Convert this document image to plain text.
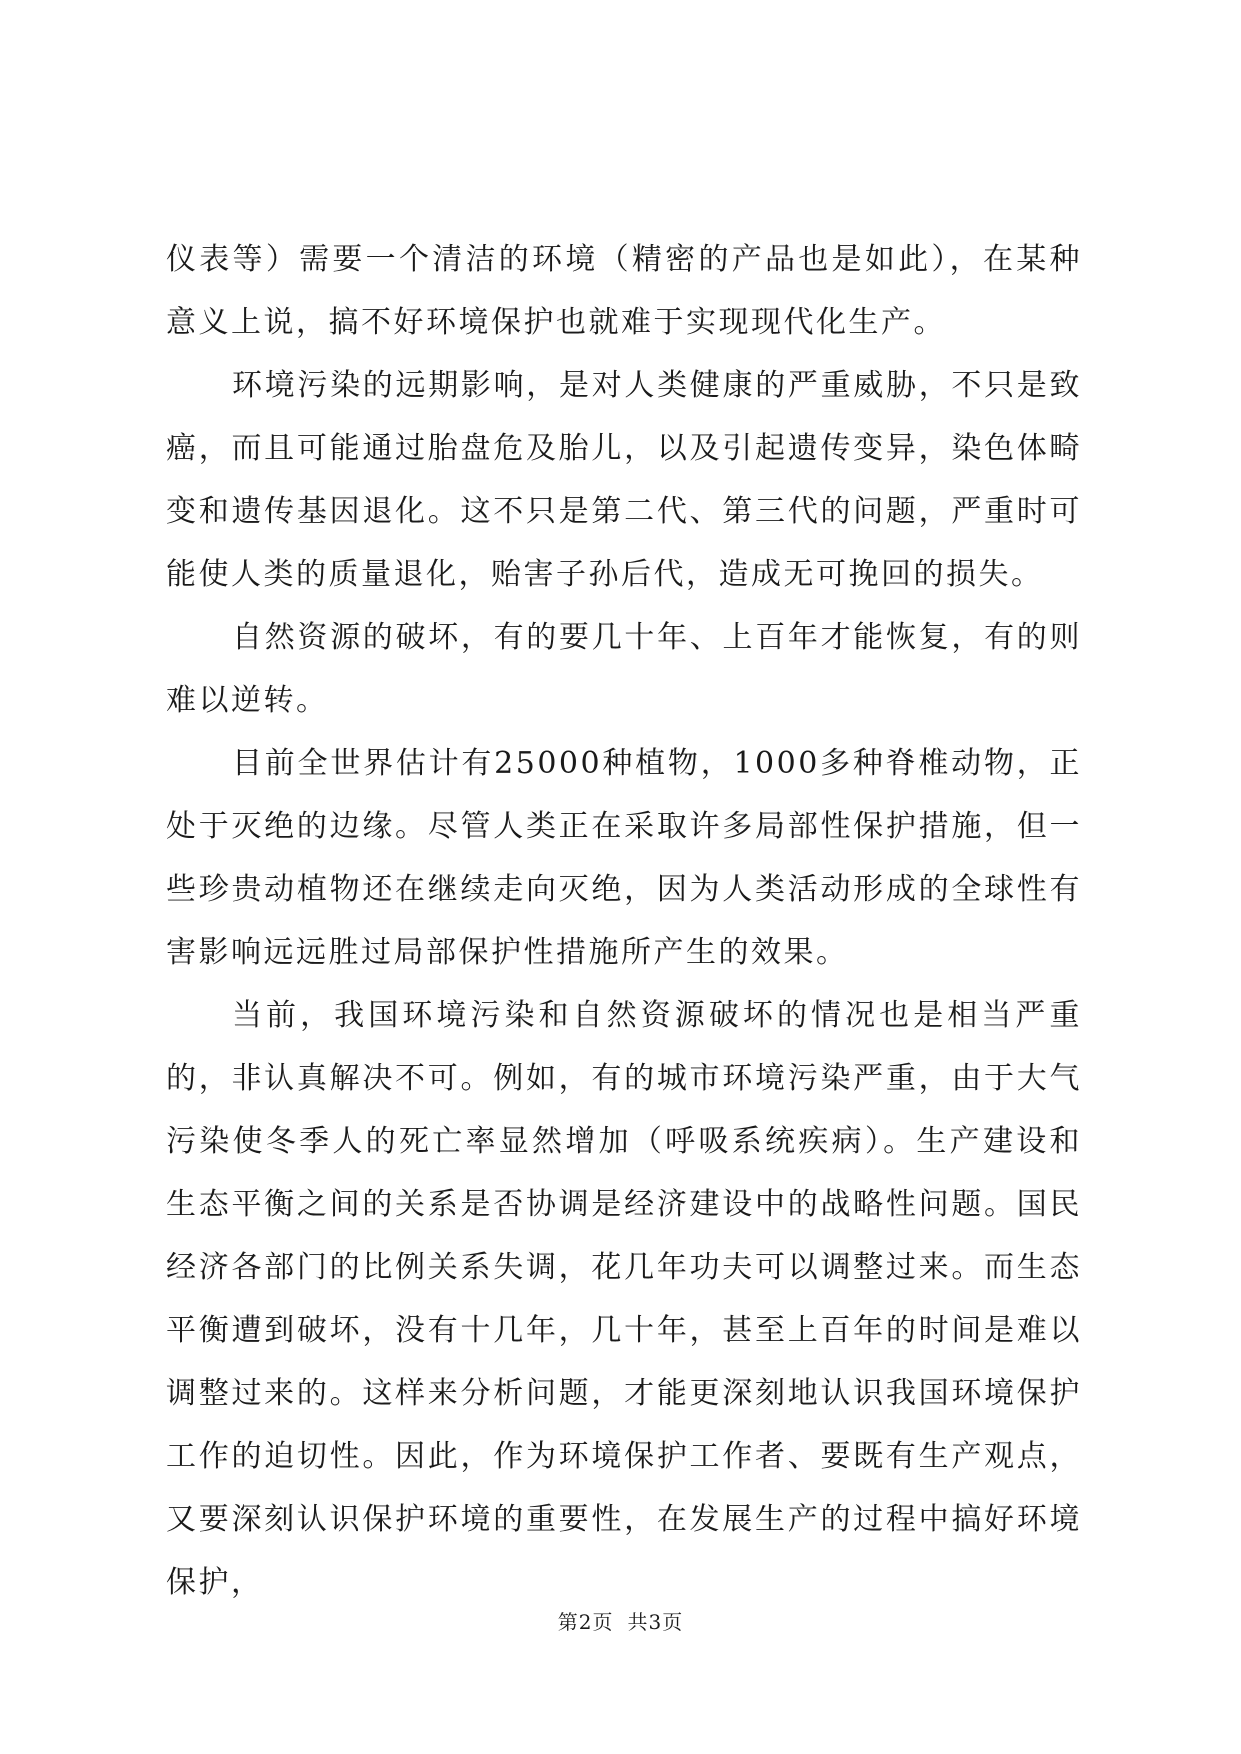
仪表等）需要一个清洁的环境（精密的产品也是如此），在某种意义上说，搞不好环境保护也就难于实现现代化生产。

环境污染的远期影响，是对人类健康的严重威胁，不只是致癌，而且可能通过胎盘危及胎儿，以及引起遗传变异，染色体畸变和遗传基因退化。这不只是第二代、第三代的问题，严重时可能使人类的质量退化，贻害子孙后代，造成无可挽回的损失。

自然资源的破坏，有的要几十年、上百年才能恢复，有的则难以逆转。

目前全世界估计有25000种植物，1000多种脊椎动物，正处于灭绝的边缘。尽管人类正在采取许多局部性保护措施，但一些珍贵动植物还在继续走向灭绝，因为人类活动形成的全球性有害影响远远胜过局部保护性措施所产生的效果。

当前，我国环境污染和自然资源破坏的情况也是相当严重的，非认真解决不可。例如，有的城市环境污染严重，由于大气污染使冬季人的死亡率显然增加（呼吸系统疾病）。生产建设和生态平衡之间的关系是否协调是经济建设中的战略性问题。国民经济各部门的比例关系失调，花几年功夫可以调整过来。而生态平衡遭到破坏，没有十几年，几十年，甚至上百年的时间是难以调整过来的。这样来分析问题，才能更深刻地认识我国环境保护工作的迫切性。因此，作为环境保护工作者、要既有生产观点，又要深刻认识保护环境的重要性，在发展生产的过程中搞好环境保护，

第2页 共3页
